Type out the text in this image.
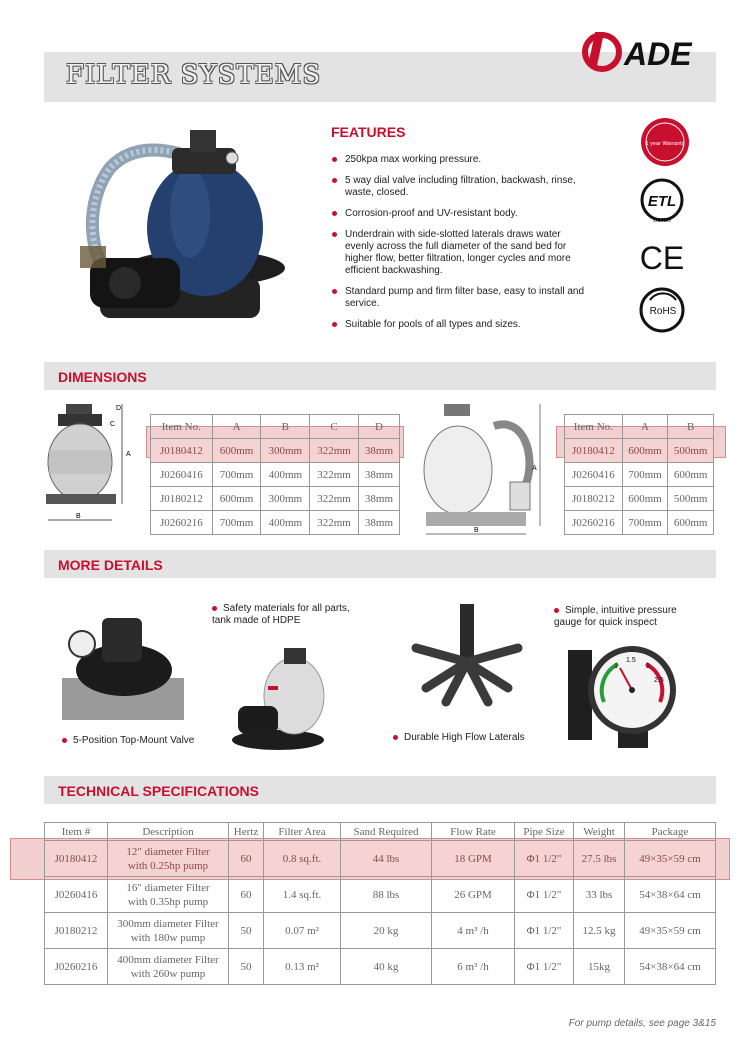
FILTER SYSTEMS
ADE
FEATURES
250kpa max working pressure.
5 way dial valve including filtration, backwash, rinse, waste, closed.
Corrosion-proof and UV-resistant body.
Underdrain with side-slotted laterals draws water evenly across the full diameter of the sand bed for higher flow, better filtration, longer cycles and more efficient backwashing.
Standard pump and firm filter base, easy to install and service.
Suitable for pools of all types and sizes.
1 year Warranty
ETL
LISTED
CE
RoHS
DIMENSIONS
A
B
C
D
Item No.	A	B	C	D
J0180412	600mm	300mm	322mm	38mm
J0260416	700mm	400mm	322mm	38mm
J0180212	600mm	300mm	322mm	38mm
J0260216	700mm	400mm	322mm	38mm
A
B
Item No.	A	B
J0180412	600mm	500mm
J0260416	700mm	600mm
J0180212	600mm	500mm
J0260216	700mm	600mm
MORE DETAILS
5-Position Top-Mount Valve
Safety materials for all parts, tank made of HDPE
Durable High Flow Laterals
Simple, intuitive pressure gauge for quick inspect
1
1.5
2
2.5
TECHNICAL SPECIFICATIONS
Item #	Description	Hertz	Filter Area	Sand Required	Flow Rate	Pipe Size	Weight	Package
J0180412	12" diameter Filter
with 0.25hp pump	60	0.8 sq.ft.	44 lbs	18 GPM	Φ1 1/2"	27.5 lbs	49×35×59 cm
J0260416	16" diameter Filter
with 0.35hp pump	60	1.4 sq.ft.	88 lbs	26 GPM	Φ1 1/2"	33 lbs	54×38×64 cm
J0180212	300mm diameter Filter
with 180w pump	50	0.07 m²	20 kg	4 m³ /h	Φ1 1/2"	12.5 kg	49×35×59 cm
J0260216	400mm diameter Filter
with 260w pump	50	0.13 m²	40 kg	6 m³ /h	Φ1 1/2"	15kg	54×38×64 cm
For pump details, see page 3&15
